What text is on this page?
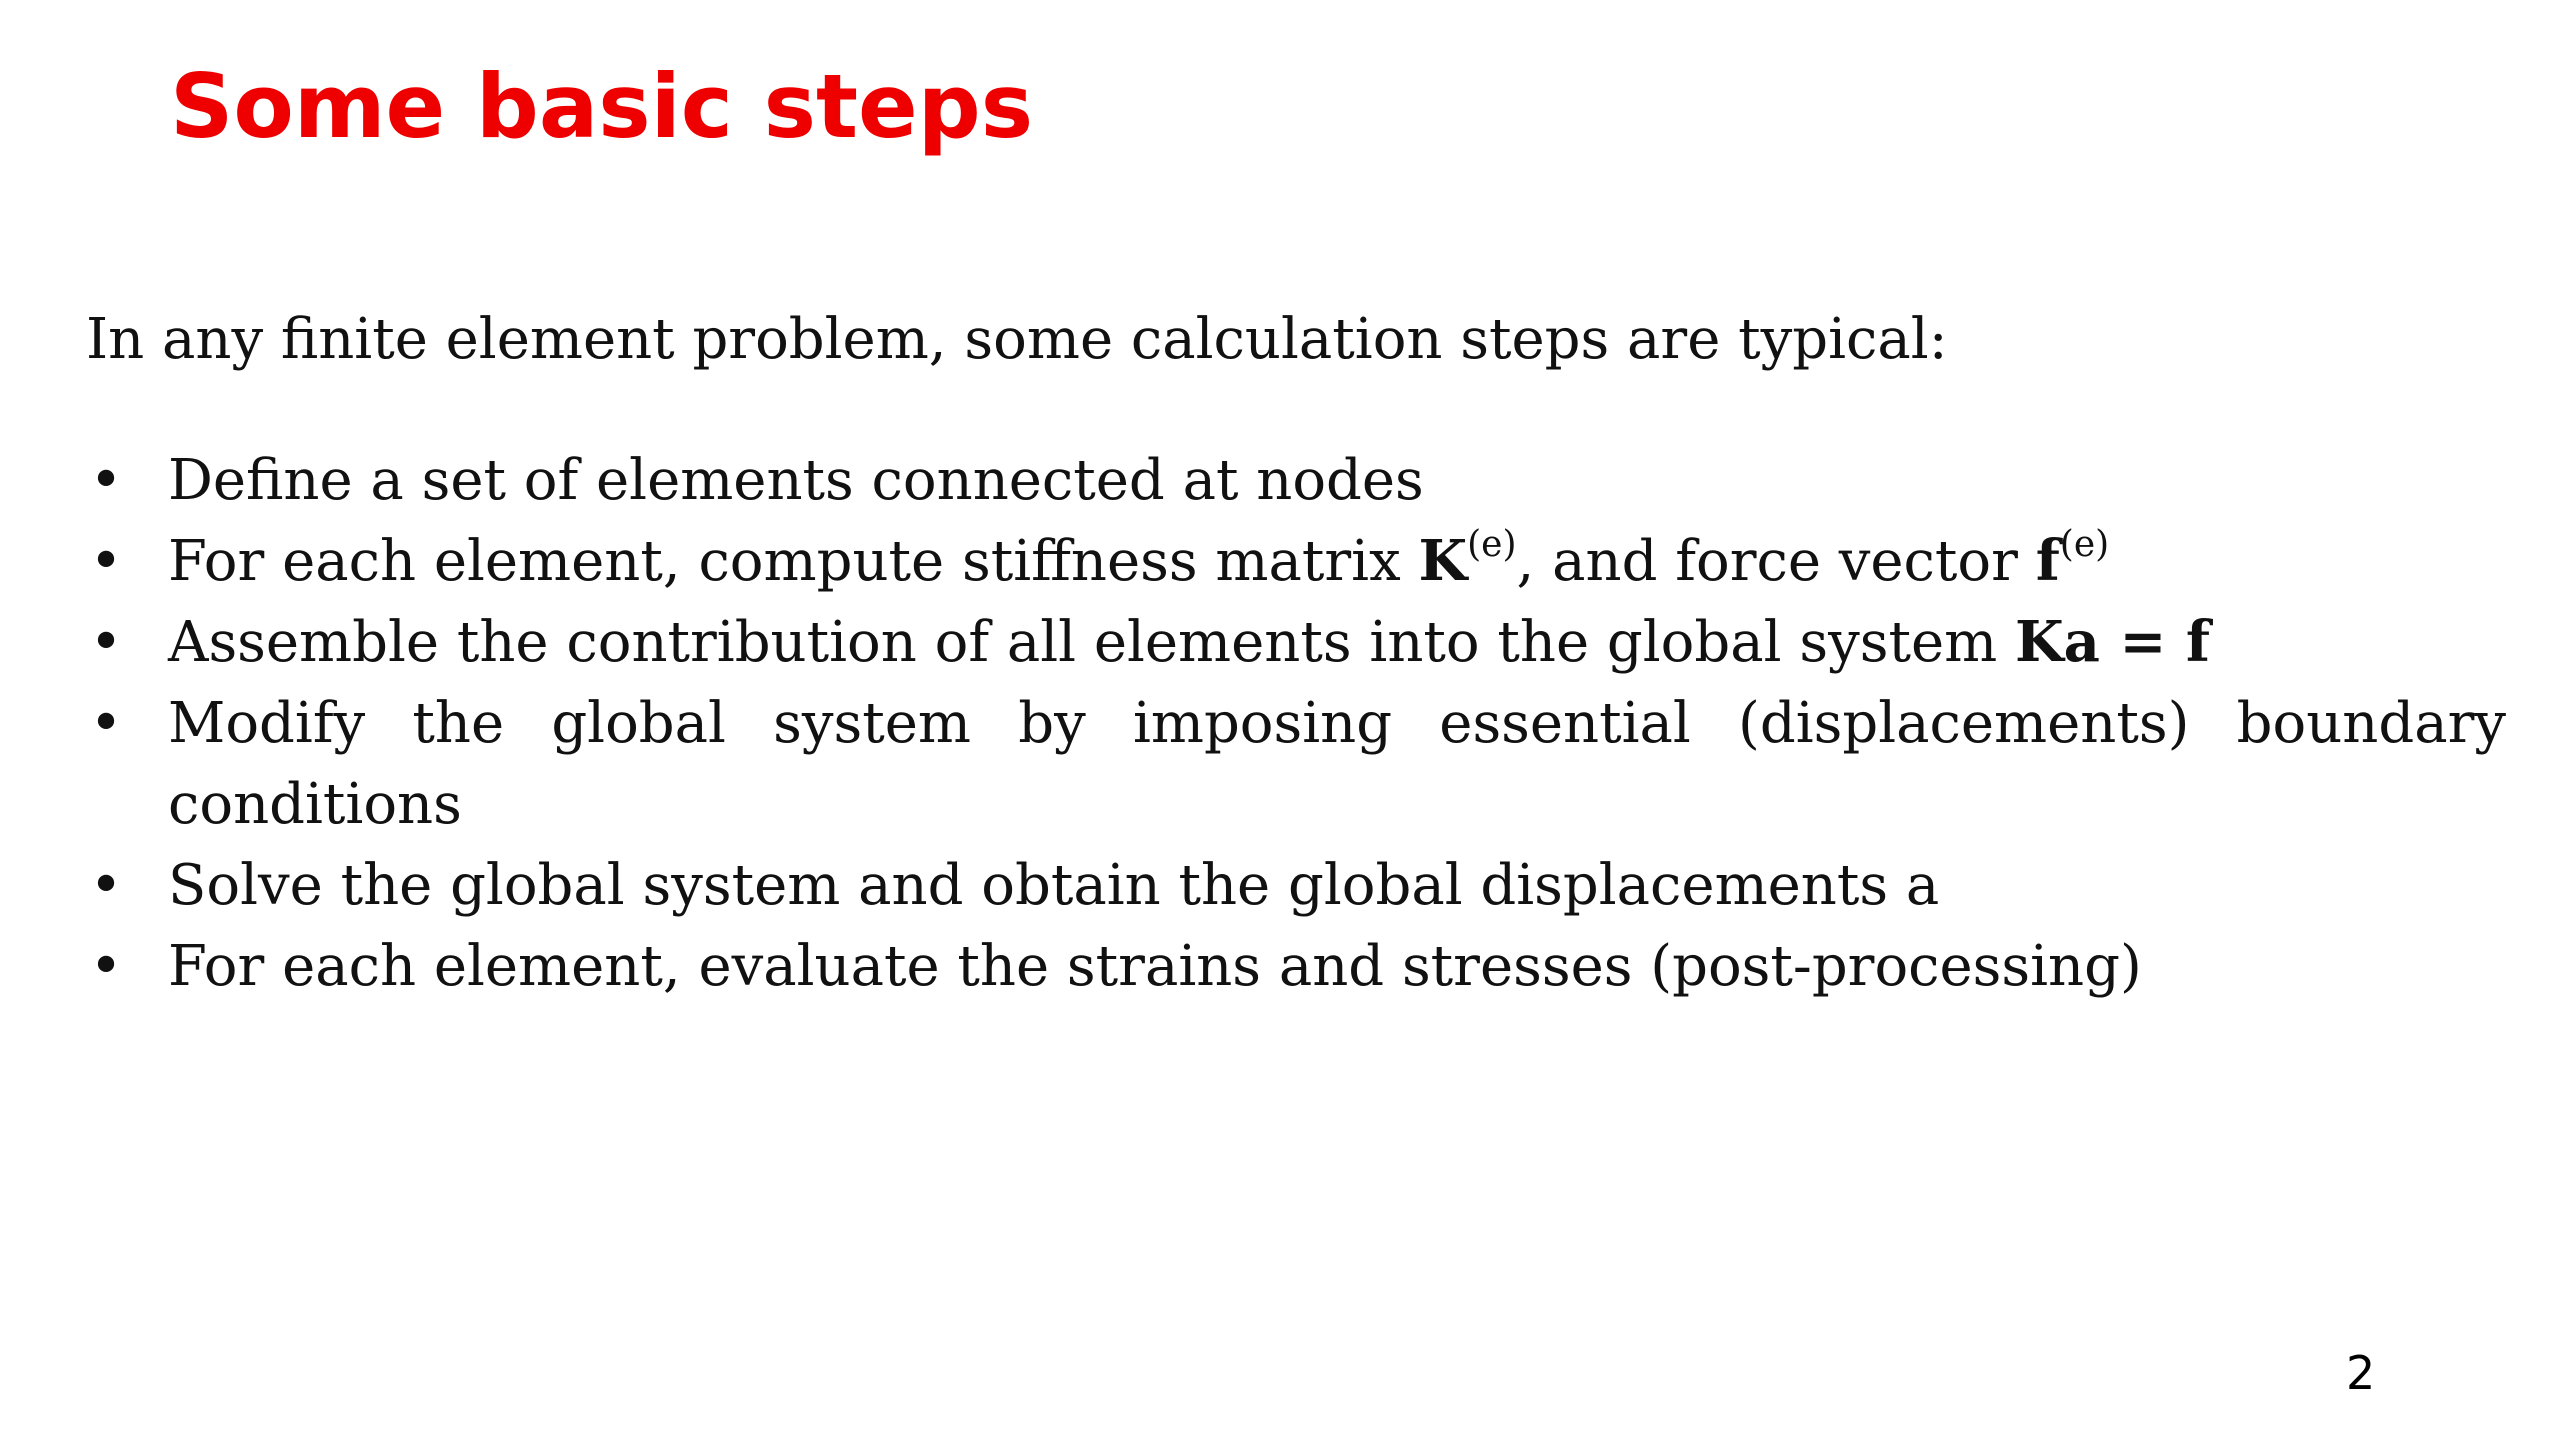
Some basic steps

In any finite element problem, some calculation steps are typical:

• Define a set of elements connected at nodes
• For each element, compute stiffness matrix $K^{(e)}$, and force vector $f^{(e)}$
• Assemble the contribution of all elements into the global system Ka = f
• Modify the global system by imposing essential (displacements) boundary conditions
• Solve the global system and obtain the global displacements a
• For each element, evaluate the strains and stresses (post-processing)
2
